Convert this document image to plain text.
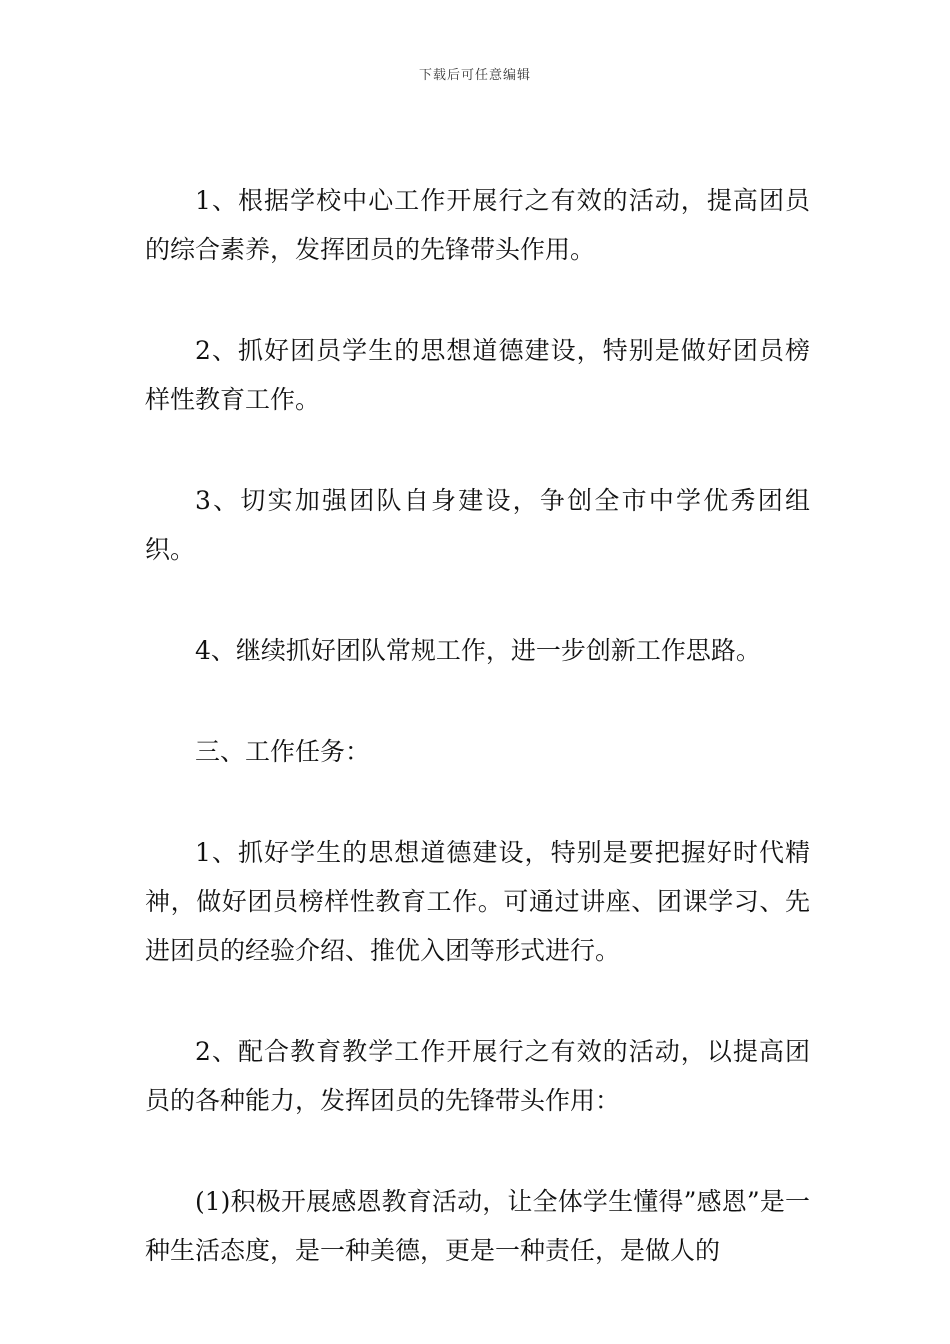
下载后可任意编辑

1、根据学校中心工作开展行之有效的活动，提高团员的综合素养，发挥团员的先锋带头作用。

2、抓好团员学生的思想道德建设，特别是做好团员榜样性教育工作。

3、切实加强团队自身建设，争创全市中学优秀团组织。

4、继续抓好团队常规工作，进一步创新工作思路。

三、工作任务：

1、抓好学生的思想道德建设，特别是要把握好时代精神，做好团员榜样性教育工作。可通过讲座、团课学习、先进团员的经验介绍、推优入团等形式进行。

2、配合教育教学工作开展行之有效的活动，以提高团员的各种能力，发挥团员的先锋带头作用：

(1)积极开展感恩教育活动，让全体学生懂得”感恩”是一种生活态度，是一种美德，更是一种责任，是做人的
